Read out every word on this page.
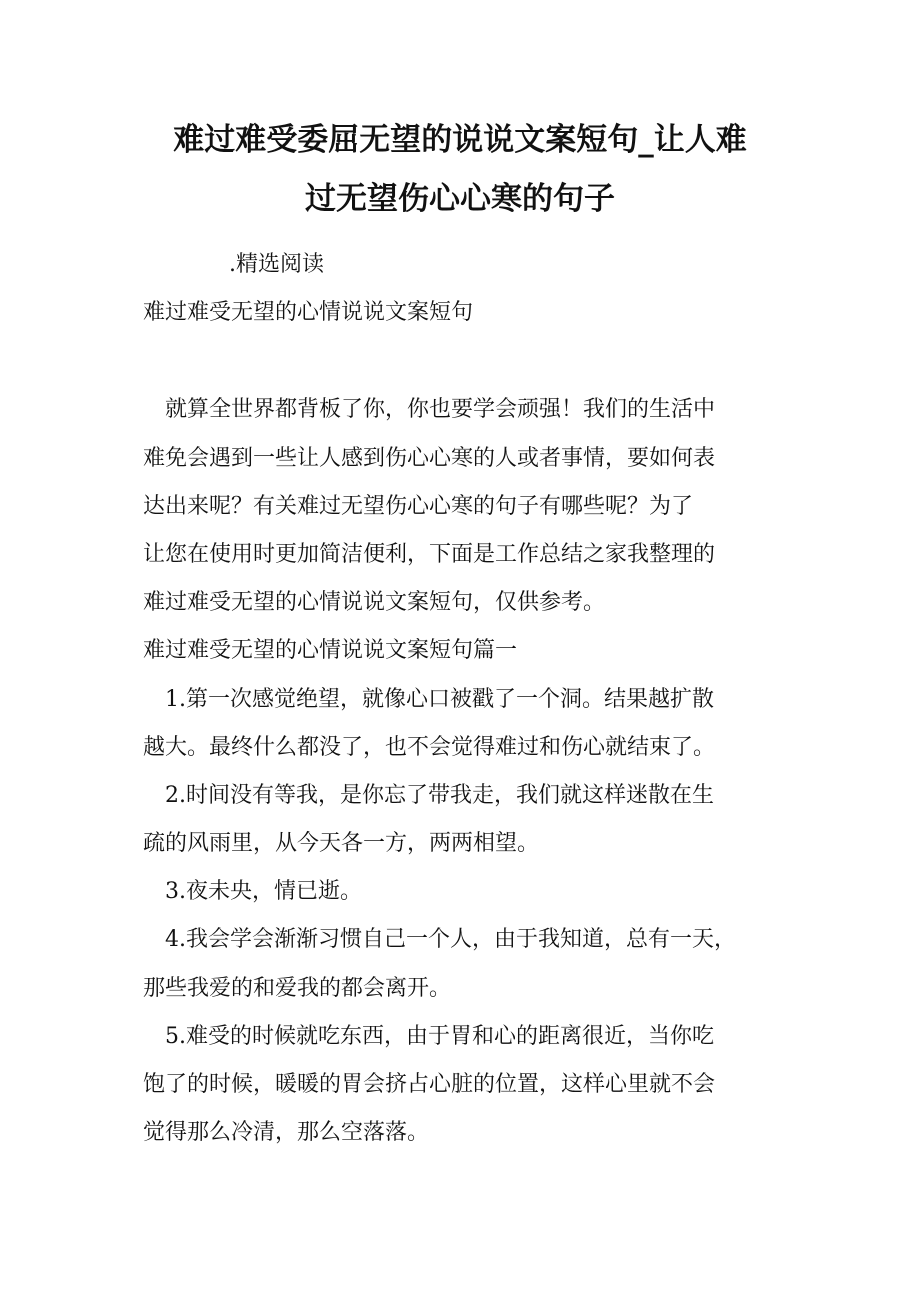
难过难受委屈无望的说说文案短句_让人难
过无望伤心心寒的句子
.精选阅读
难过难受无望的心情说说文案短句
就算全世界都背板了你，你也要学会顽强！我们的生活中
难免会遇到一些让人感到伤心心寒的人或者事情，要如何表
达出来呢？有关难过无望伤心心寒的句子有哪些呢？为了
让您在使用时更加简洁便利，下面是工作总结之家我整理的
难过难受无望的心情说说文案短句，仅供参考。
难过难受无望的心情说说文案短句篇一
1.第一次感觉绝望，就像心口被戳了一个洞。结果越扩散
越大。最终什么都没了，也不会觉得难过和伤心就结束了。
2.时间没有等我，是你忘了带我走，我们就这样迷散在生
疏的风雨里，从今天各一方，两两相望。
3.夜未央，情已逝。
4.我会学会渐渐习惯自己一个人，由于我知道，总有一天，
那些我爱的和爱我的都会离开。
5.难受的时候就吃东西，由于胃和心的距离很近，当你吃
饱了的时候，暖暖的胃会挤占心脏的位置，这样心里就不会
觉得那么冷清，那么空落落。
